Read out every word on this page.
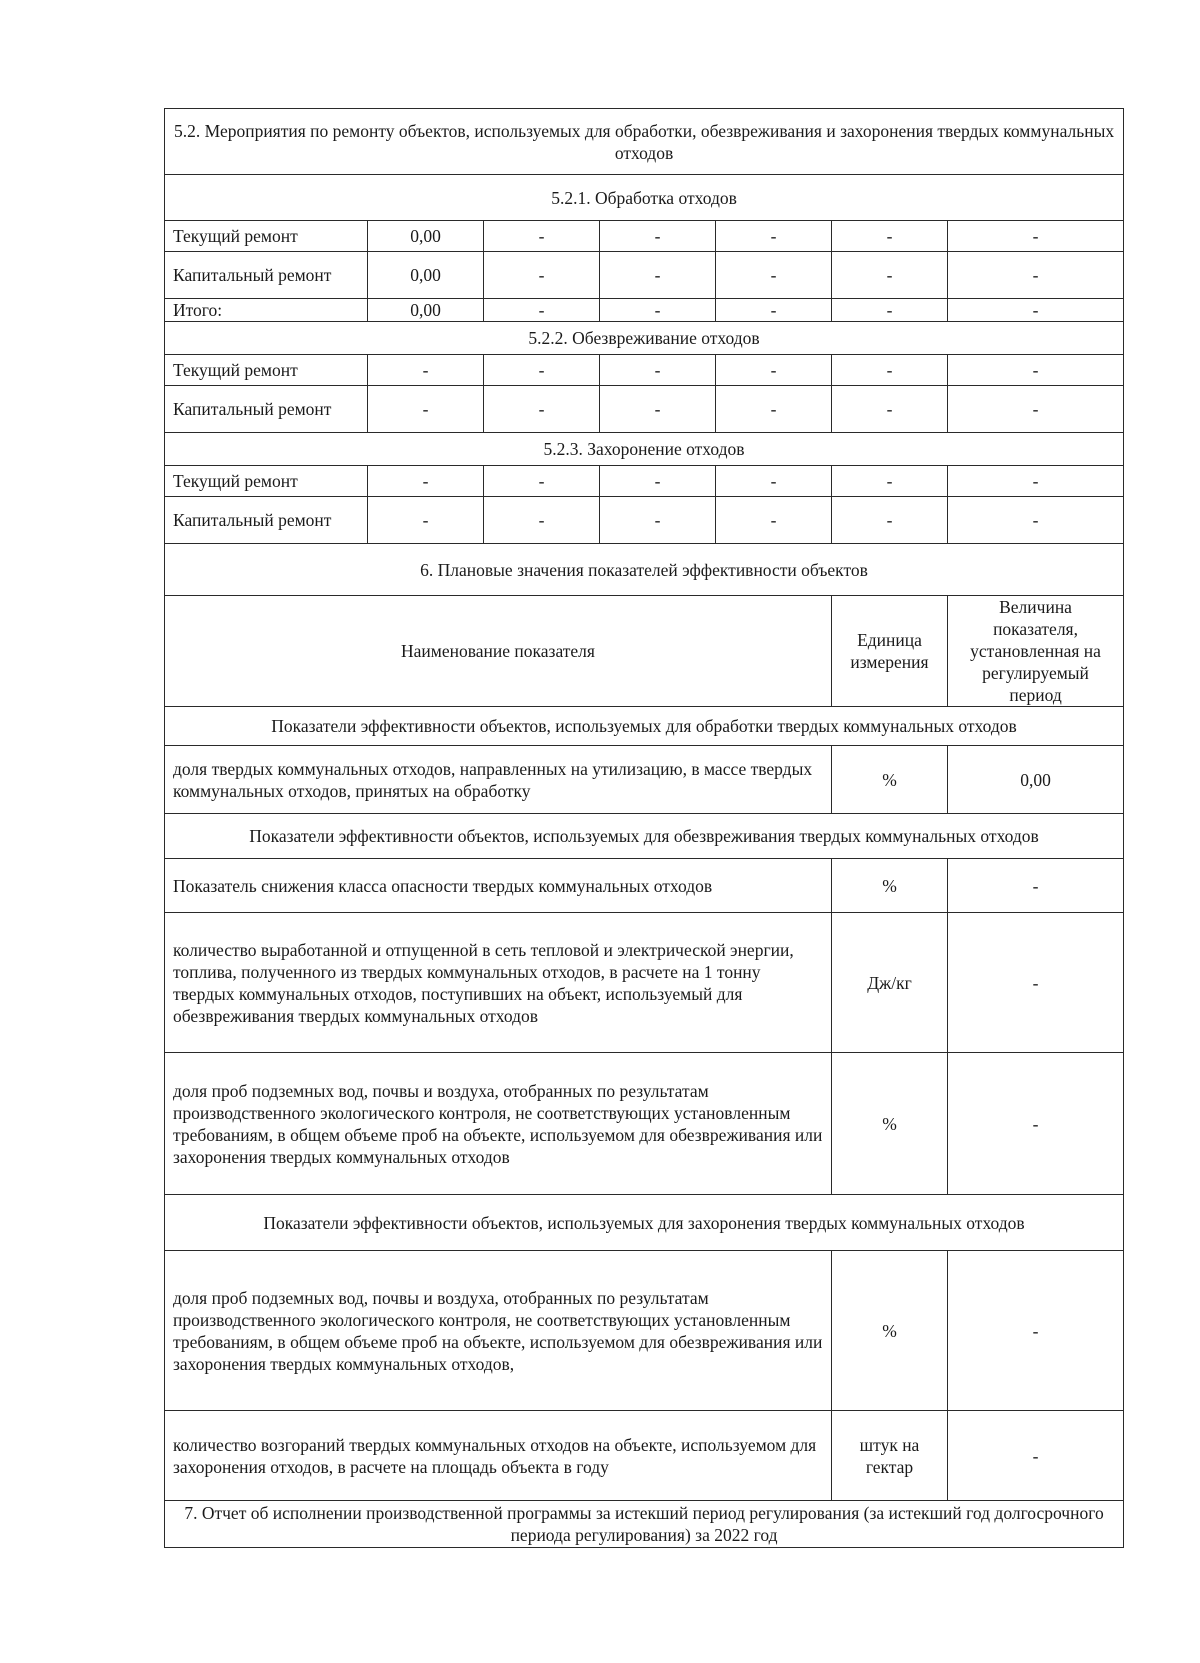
5.2. Мероприятия по ремонту объектов, используемых для обработки, обезвреживания и захоронения твердых коммунальных отходов						
5.2.1. Обработка отходов						
Текущий ремонт	0,00	-	-	-	-	-
Капитальный ремонт	0,00	-	-	-	-	-
Итого:	0,00	-	-	-	-	-
5.2.2. Обезвреживание отходов						
Текущий ремонт	-	-	-	-	-	-
Капитальный ремонт	-	-	-	-	-	-
5.2.3. Захоронение отходов						
Текущий ремонт	-	-	-	-	-	-
Капитальный ремонт	-	-	-	-	-	-
6. Плановые значения показателей эффективности объектов						
Наименование показателя					Единица измерения	Величина показателя, установленная на регулируемый период
Показатели эффективности объектов, используемых для обработки твердых коммунальных отходов						
доля твердых коммунальных отходов, направленных на утилизацию, в массе твердых коммунальных отходов, принятых на обработку					%	0,00
Показатели эффективности объектов, используемых для обезвреживания твердых коммунальных отходов						
Показатель снижения класса опасности твердых коммунальных отходов					%	-
количество выработанной и отпущенной в сеть тепловой и электрической энергии, топлива, полученного из твердых коммунальных отходов, в расчете на 1 тонну твердых коммунальных отходов, поступивших на объект, используемый для обезвреживания твердых коммунальных отходов					Дж/кг	-
доля проб подземных вод, почвы и воздуха, отобранных по результатам производственного экологического контроля, не соответствующих установленным требованиям, в общем объеме проб на объекте, используемом для обезвреживания или захоронения твердых коммунальных отходов					%	-
Показатели эффективности объектов, используемых для захоронения твердых коммунальных отходов						
доля проб подземных вод, почвы и воздуха, отобранных по результатам производственного экологического контроля, не соответствующих установленным требованиям, в общем объеме проб на объекте, используемом для обезвреживания или захоронения твердых коммунальных отходов,					%	-
количество возгораний твердых коммунальных отходов на объекте, используемом для захоронения отходов, в расчете на площадь объекта в году					штук на гектар	-
7. Отчет об исполнении производственной программы за истекший период регулирования (за истекший год долгосрочного периода регулирования) за 2022 год						
